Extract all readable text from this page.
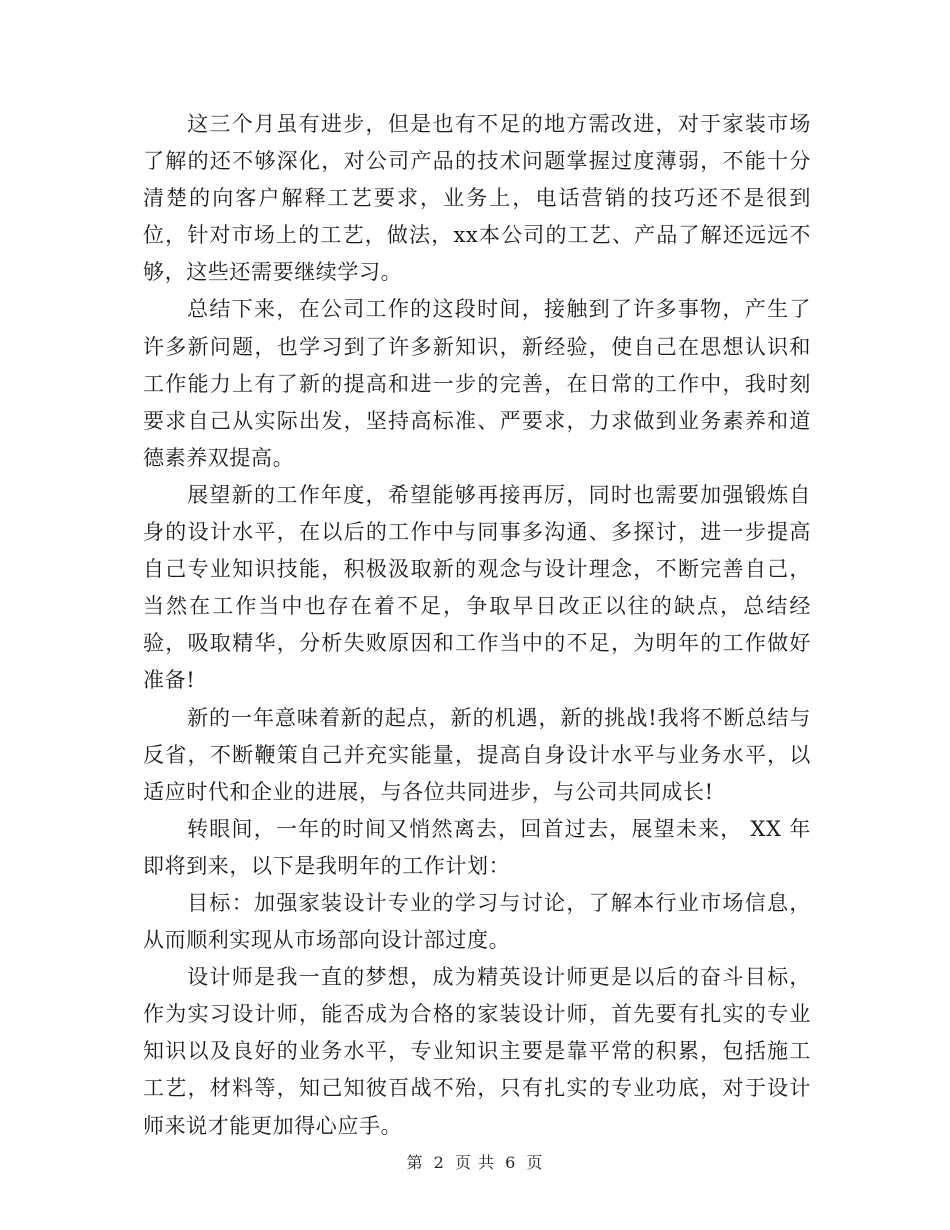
这三个月虽有进步，但是也有不足的地方需改进，对于家装市场了解的还不够深化，对公司产品的技术问题掌握过度薄弱，不能十分清楚的向客户解释工艺要求，业务上，电话营销的技巧还不是很到位，针对市场上的工艺，做法，xx本公司的工艺、产品了解还远远不够，这些还需要继续学习。

总结下来，在公司工作的这段时间，接触到了许多事物，产生了许多新问题，也学习到了许多新知识，新经验，使自己在思想认识和工作能力上有了新的提高和进一步的完善，在日常的工作中，我时刻要求自己从实际出发，坚持高标准、严要求，力求做到业务素养和道德素养双提高。

展望新的工作年度，希望能够再接再厉，同时也需要加强锻炼自身的设计水平，在以后的工作中与同事多沟通、多探讨，进一步提高自己专业知识技能，积极汲取新的观念与设计理念，不断完善自己，当然在工作当中也存在着不足，争取早日改正以往的缺点，总结经验，吸取精华，分析失败原因和工作当中的不足，为明年的工作做好准备!

新的一年意味着新的起点，新的机遇，新的挑战!我将不断总结与反省，不断鞭策自己并充实能量，提高自身设计水平与业务水平，以适应时代和企业的进展，与各位共同进步，与公司共同成长!

转眼间，一年的时间又悄然离去，回首过去，展望未来， XX 年即将到来，以下是我明年的工作计划：

目标：加强家装设计专业的学习与讨论，了解本行业市场信息，从而顺利实现从市场部向设计部过度。

设计师是我一直的梦想，成为精英设计师更是以后的奋斗目标，作为实习设计师，能否成为合格的家装设计师，首先要有扎实的专业知识以及良好的业务水平，专业知识主要是靠平常的积累，包括施工工艺，材料等，知己知彼百战不殆，只有扎实的专业功底，对于设计师来说才能更加得心应手。

第 2 页 共 6 页
